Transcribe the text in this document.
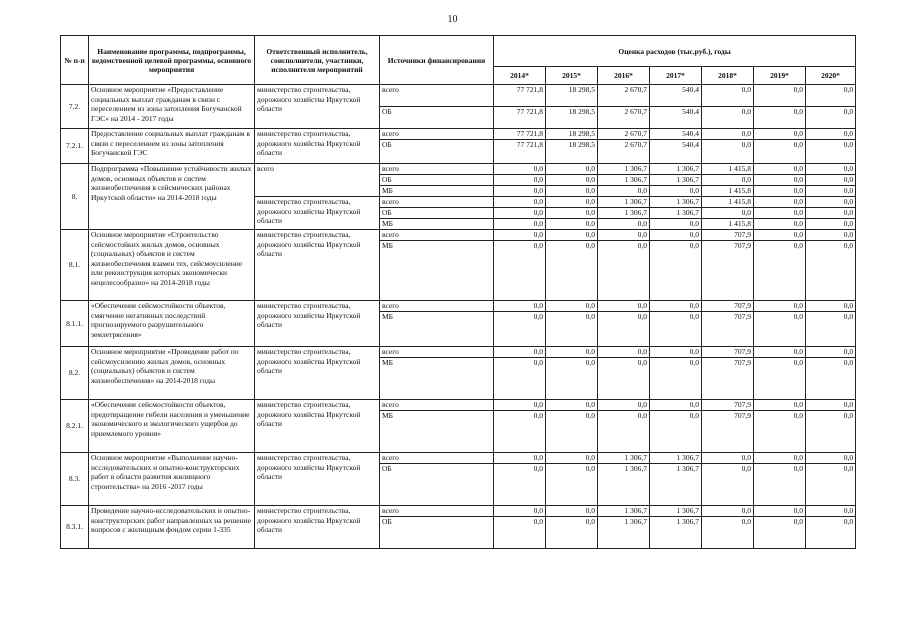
10
№ п-п	Наименование программы, подпрограммы, ведомственной целевой программы, основного мероприятия	Ответственный исполнитель, соисполнители, участники, исполнители мероприятий	Источники финансирования	Оценка расходов (тыс.руб.), годы						
				2014*	2015*	2016*	2017*	2018*	2019*	2020*
7.2.	Основное мероприятие «Предоставление социальных выплат гражданам в связи с переселением из зоны затопления Богучанской ГЭС» на 2014 - 2017 годы	министерство строительства, дорожного хозяйства Иркутской области	всего	77 721,8	18 298,5	2 670,7	540,4	0,0	0,0	0,0
			ОБ	77 721,8	18 298,5	2 670,7	540,4	0,0	0,0	0,0
7.2.1.	Предоставление социальных выплат гражданам в связи с переселением из зоны затопления Богучанской ГЭС	министерство строительства, дорожного хозяйства Иркутской области	всего	77 721,8	18 298,5	2 670,7	540,4	0,0	0,0	0,0
			ОБ	77 721,8	18 298,5	2 670,7	540,4	0,0	0,0	0,0
8.	Подпрограмма «Повышение устойчивости жилых домов, основных объектов и систем жизнеобеспечения в сейсмических районах Иркутской области» на 2014-2018 годы	всего	всего	0,0	0,0	1 306,7	1 306,7	1 415,8	0,0	0,0
			ОБ	0,0	0,0	1 306,7	1 306,7	0,0	0,0	0,0
			МБ	0,0	0,0	0,0	0,0	1 415,8	0,0	0,0
		министерство строительства, дорожного хозяйства Иркутской области	всего	0,0	0,0	1 306,7	1 306,7	1 415,8	0,0	0,0
			ОБ	0,0	0,0	1 306,7	1 306,7	0,0	0,0	0,0
			МБ	0,0	0,0	0,0	0,0	1 415,8	0,0	0,0
8.1.	Основное мероприятие «Строительство сейсмостойких жилых домов, основных (социальных) объектов и систем жизнеобеспечения взамен тех, сейсмоусиление или реконструкция которых экономически нецелесообразно» на 2014-2018 годы	министерство строительства, дорожного хозяйства Иркутской области	всего	0,0	0,0	0,0	0,0	707,9	0,0	0,0
			МБ	0,0	0,0	0,0	0,0	707,9	0,0	0,0
8.1.1.	«Обеспечение сейсмостойкости объектов, смягчение негативных последствий прогнозируемого разрушительного землетрясения»	министерство строительства, дорожного хозяйства Иркутской области	всего	0,0	0,0	0,0	0,0	707,9	0,0	0,0
			МБ	0,0	0,0	0,0	0,0	707,9	0,0	0,0
8.2.	Основное мероприятие «Проведение работ по сейсмоусилению жилых домов, основных (социальных) объектов и систем жизнеобеспечения» на 2014-2018 годы	министерство строительства, дорожного хозяйства Иркутской области	всего	0,0	0,0	0,0	0,0	707,9	0,0	0,0
			МБ	0,0	0,0	0,0	0,0	707,9	0,0	0,0
8.2.1.	«Обеспечение сейсмостойкости объектов, предотвращение гибели населения и уменьшение экономического и экологического ущербов до приемлемого уровня»	министерство строительства, дорожного хозяйства Иркутской области	всего	0,0	0,0	0,0	0,0	707,9	0,0	0,0
			МБ	0,0	0,0	0,0	0,0	707,9	0,0	0,0
8.3.	Основное мероприятие «Выполнение научно-исследовательских и опытно-конструкторских работ в области развития жилищного строительства» на 2016 -2017 годы	министерство строительства, дорожного хозяйства Иркутской области	всего	0,0	0,0	1 306,7	1 306,7	0,0	0,0	0,0
			ОБ	0,0	0,0	1 306,7	1 306,7	0,0	0,0	0,0
8.3.1.	Проведение научно-исследовательских и опытно-конструкторских работ направленных на решение вопросов с жилищным фондом серии 1-335	министерство строительства, дорожного хозяйства Иркутской области	всего	0,0	0,0	1 306,7	1 306,7	0,0	0,0	0,0
			ОБ	0,0	0,0	1 306,7	1 306,7	0,0	0,0	0,0
